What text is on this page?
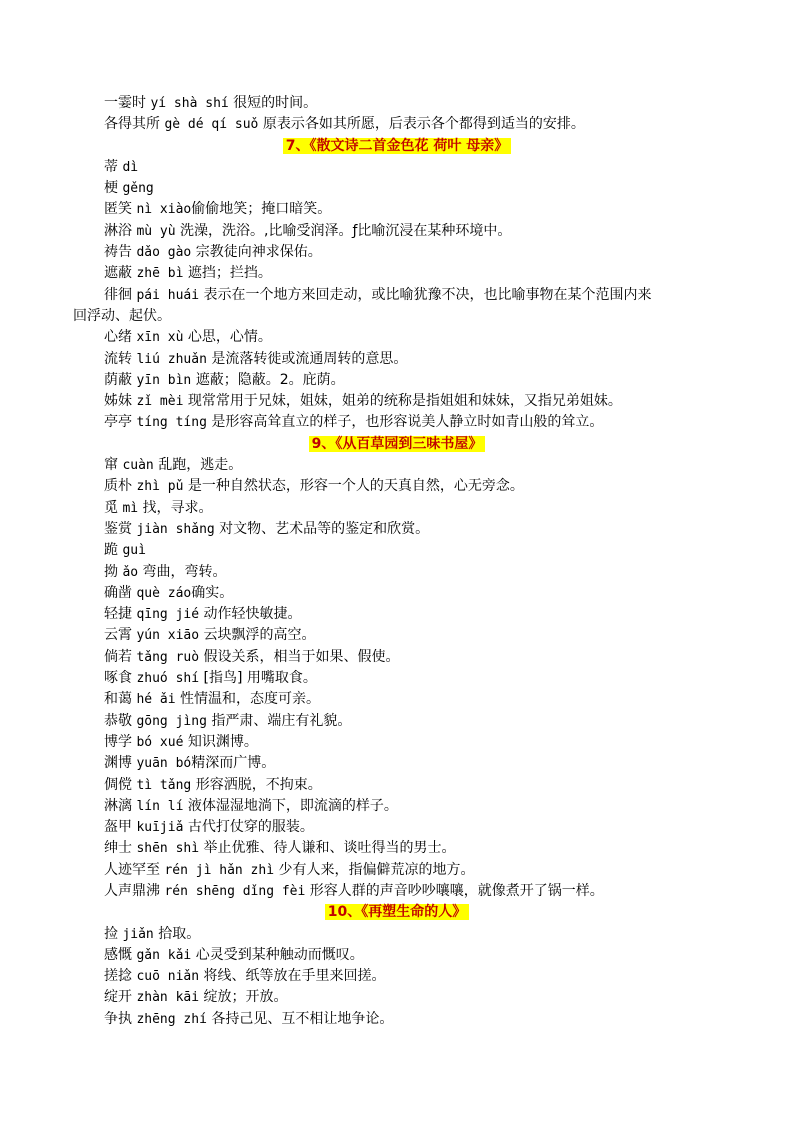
一霎时 yí shà shí 很短的时间。
各得其所 gè dé qí suǒ 原表示各如其所愿，后表示各个都得到适当的安排。
7、《散文诗二首金色花 荷叶 母亲》
蒂 dì
梗 gěng
匿笑 nì xiào偷偷地笑；掩口暗笑。
淋浴 mù yù 洗澡，洗浴。,比喻受润泽。ƒ比喻沉浸在某种环境中。
祷告 dǎo gào 宗教徒向神求保佑。
遮蔽 zhē bì 遮挡；拦挡。
徘徊 pái huái 表示在一个地方来回走动，或比喻犹豫不决，也比喻事物在某个范围内来
回浮动、起伏。
心绪 xīn xù 心思，心情。
流转 liú zhuǎn 是流落转徙或流通周转的意思。
荫蔽 yīn bìn 遮蔽；隐蔽。2。庇荫。
姊妹 zǐ mèi 现常常用于兄妹，姐妹，姐弟的统称是指姐姐和妹妹，又指兄弟姐妹。
亭亭 tíng tíng 是形容高耸直立的样子，也形容说美人静立时如青山般的耸立。
9、《从百草园到三味书屋》
窜 cuàn 乱跑，逃走。
质朴 zhì pǔ 是一种自然状态，形容一个人的天真自然，心无旁念。
觅 mì 找，寻求。
鉴赏 jiàn shǎng 对文物、艺术品等的鉴定和欣赏。
跪 guì
拗 ǎo 弯曲，弯转。
确凿 què záo确实。
轻捷 qīng jié 动作轻快敏捷。
云霄 yún xiāo 云块飘浮的高空。
倘若 tǎng ruò 假设关系，相当于如果、假使。
啄食 zhuó shí [指鸟] 用嘴取食。
和蔼 hé ǎi 性情温和，态度可亲。
恭敬 gōng jìng 指严肃、端庄有礼貌。
博学 bó xué 知识渊博。
渊博 yuān bó精深而广博。
倜傥 tì tǎng 形容洒脱，不拘束。
淋漓 lín lí 液体湿湿地淌下，即流滴的样子。
盔甲 kuījiǎ 古代打仗穿的服装。
绅士 shēn shì 举止优雅、待人谦和、谈吐得当的男士。
人迹罕至 rén jì hǎn zhì 少有人来，指偏僻荒凉的地方。
人声鼎沸 rén shēng dǐng fèi 形容人群的声音吵吵嚷嚷，就像煮开了锅一样。
10、《再塑生命的人》
捡 jiǎn 拾取。
感慨 gǎn kǎi 心灵受到某种触动而慨叹。
搓捻 cuō niǎn 将线、纸等放在手里来回搓。
绽开 zhàn kāi 绽放；开放。
争执 zhēng zhí 各持己见、互不相让地争论。
